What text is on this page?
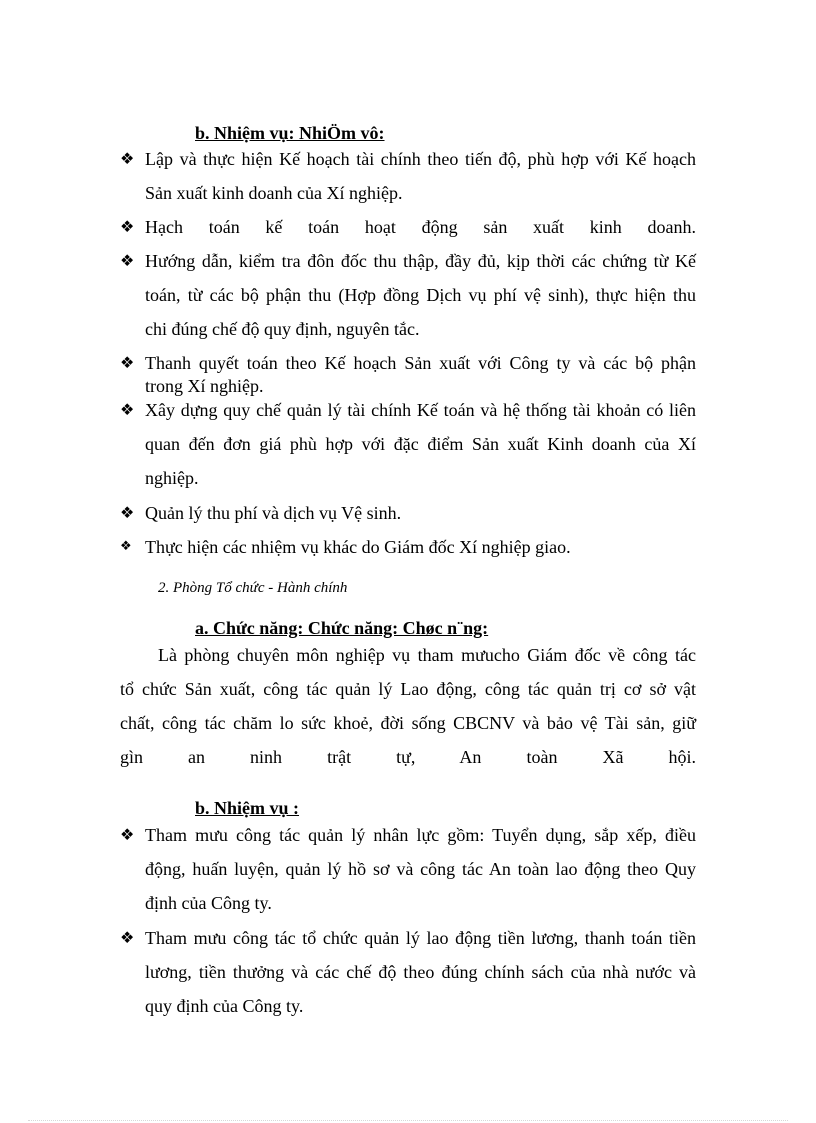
b. Nhiệm vụ: NhiÖm vô:
❖ Lập và thực hiện Kế hoạch tài chính theo tiến độ, phù hợp với Kế hoạch
Sản xuất kinh doanh của Xí nghiệp.
❖ Hạch toán kế toán hoạt động sản xuất kinh doanh.
❖ Hướng dẫn, kiểm tra đôn đốc thu thập, đầy đủ, kịp thời các chứng từ Kế
toán, từ các bộ phận thu (Hợp đồng Dịch vụ phí vệ sinh), thực hiện thu
chi đúng chế độ quy định, nguyên tắc.
❖ Thanh quyết toán theo Kế hoạch Sản xuất với Công ty và các bộ phận
trong Xí nghiệp.
❖ Xây dựng quy chế quản lý tài chính Kế toán và hệ thống tài khoản có liên
quan đến đơn giá phù hợp với đặc điểm Sản xuất Kinh doanh của Xí
nghiệp.
❖ Quản lý thu phí và dịch vụ Vệ sinh.
❖ Thực hiện các nhiệm vụ khác do Giám đốc Xí nghiệp giao.
2. Phòng Tổ chức - Hành chính
a. Chức năng: Chức năng: Chøc n¨ng:
Là phòng chuyên môn nghiệp vụ tham mưucho Giám đốc về công tác
tổ chức Sản xuất, công tác quản lý Lao động, công tác quản trị cơ sở vật
chất, công tác chăm lo sức khoẻ, đời sống CBCNV và bảo vệ Tài sản, giữ
gìn an ninh trật tự, An toàn Xã hội.
b. Nhiệm vụ :
❖ Tham mưu công tác quản lý nhân lực gồm: Tuyển dụng, sắp xếp, điều
động, huấn luyện, quản lý hồ sơ và công tác An toàn lao động theo Quy
định của Công ty.
❖ Tham mưu công tác tổ chức quản lý lao động tiền lương, thanh toán tiền
lương, tiền thưởng và các chế độ theo đúng chính sách của nhà nước và
quy định của Công ty.
